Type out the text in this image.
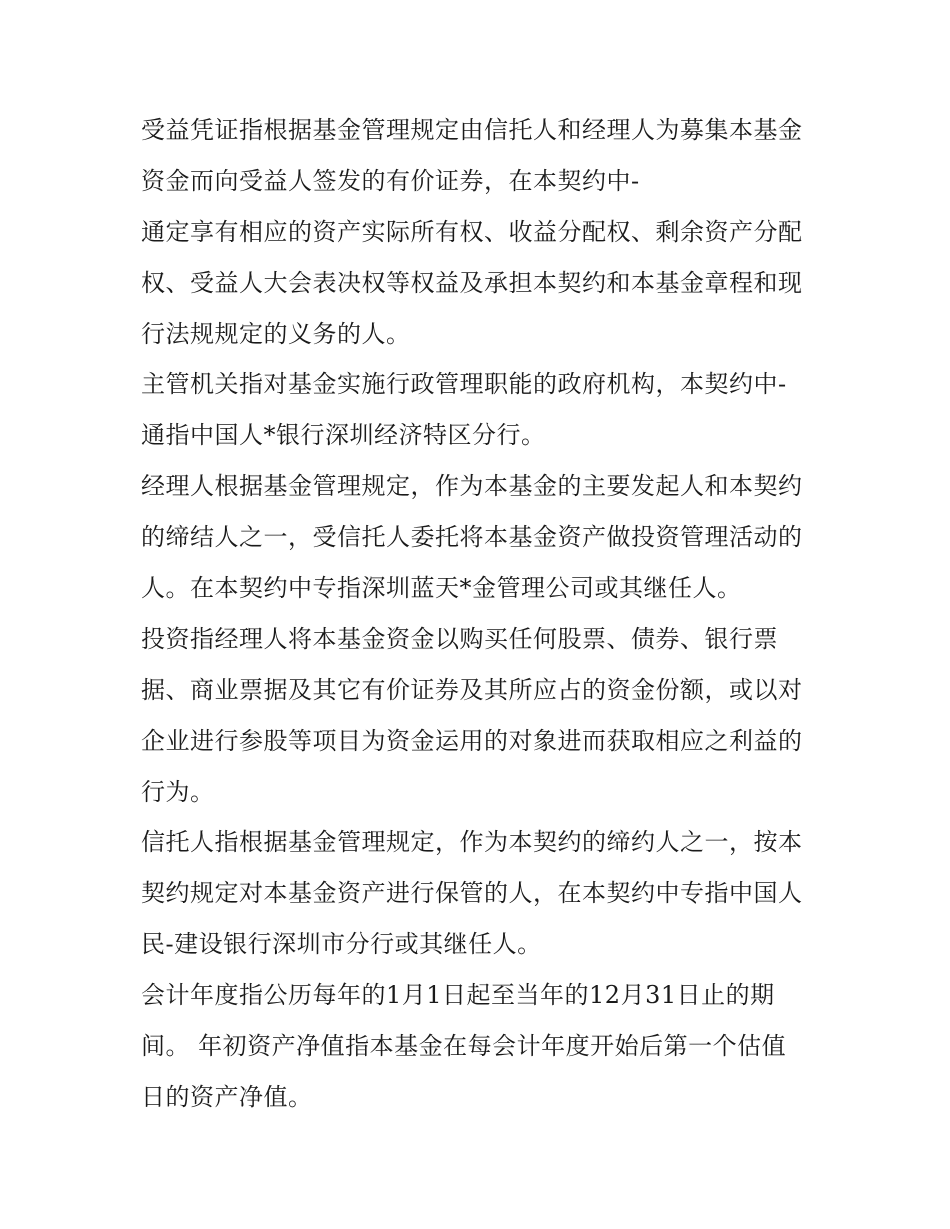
受益凭证指根据基金管理规定由信托人和经理人为募集本基金
资金而向受益人签发的有价证券，在本契约中-
通定享有相应的资产实际所有权、收益分配权、剩余资产分配
权、受益人大会表决权等权益及承担本契约和本基金章程和现
行法规规定的义务的人。
主管机关指对基金实施行政管理职能的政府机构，本契约中-
通指中国人*银行深圳经济特区分行。
经理人根据基金管理规定，作为本基金的主要发起人和本契约
的缔结人之一，受信托人委托将本基金资产做投资管理活动的
人。在本契约中专指深圳蓝天*金管理公司或其继任人。
投资指经理人将本基金资金以购买任何股票、债券、银行票
据、商业票据及其它有价证券及其所应占的资金份额，或以对
企业进行参股等项目为资金运用的对象进而获取相应之利益的
行为。
信托人指根据基金管理规定，作为本契约的缔约人之一，按本
契约规定对本基金资产进行保管的人，在本契约中专指中国人
民-建设银行深圳市分行或其继任人。
会计年度指公历每年的1月1日起至当年的12月31日止的期
间。 年初资产净值指本基金在每会计年度开始后第一个估值
日的资产净值。
